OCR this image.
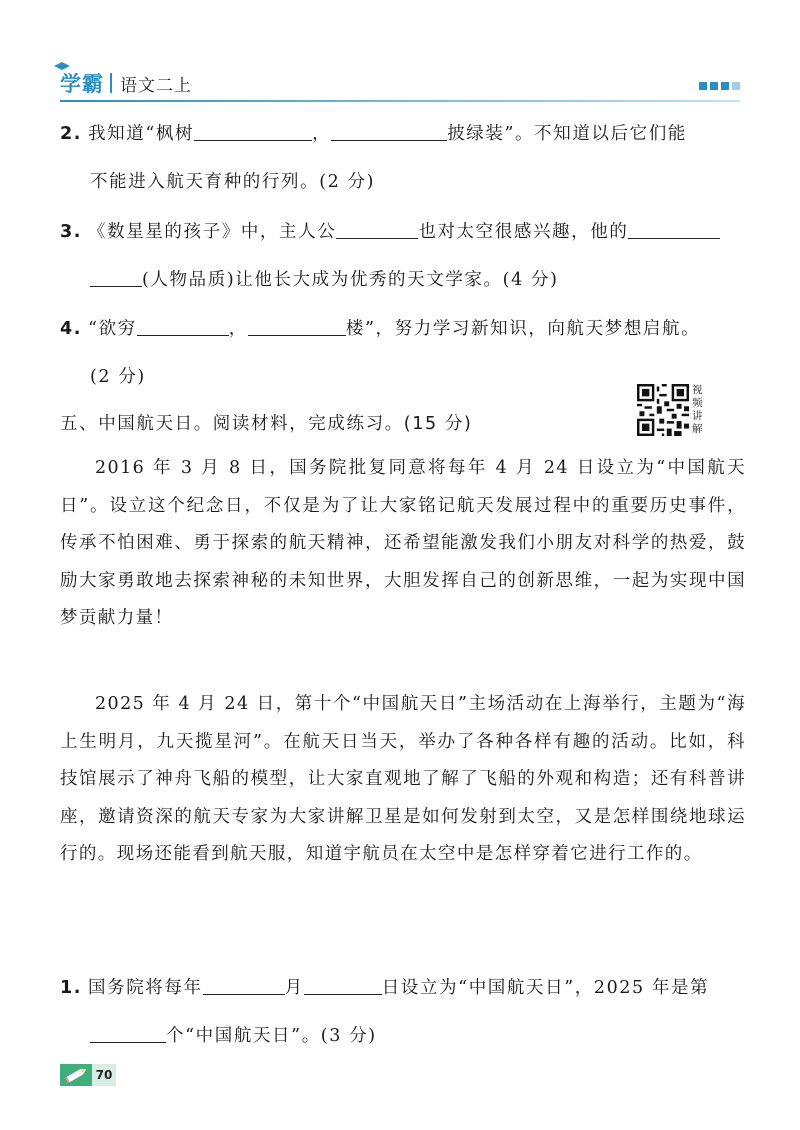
学霸 语文二上
2. 我知道“枫树	，	披绿装”。不知道以后它们能
不能进入航天育种的行列。(2 分)
3. 《数星星的孩子》中，主人公	也对太空很感兴趣，他的
(人物品质)让他长大成为优秀的天文学家。(4 分)
4. “欲穷	，	楼”，努力学习新知识，向航天梦想启航。
(2 分)
五、中国航天日。阅读材料，完成练习。(15 分)
视频讲解

2016 年 3 月 8 日，国务院批复同意将每年 4 月 24 日设立为“中国航天日”。设立这个纪念日，不仅是为了让大家铭记航天发展过程中的重要历史事件，传承不怕困难、勇于探索的航天精神，还希望能激发我们小朋友对科学的热爱，鼓励大家勇敢地去探索神秘的未知世界，大胆发挥自己的创新思维，一起为实现中国梦贡献力量！

2025 年 4 月 24 日，第十个“中国航天日”主场活动在上海举行，主题为“海上生明月，九天揽星河”。在航天日当天，举办了各种各样有趣的活动。比如，科技馆展示了神舟飞船的模型，让大家直观地了解了飞船的外观和构造；还有科普讲座，邀请资深的航天专家为大家讲解卫星是如何发射到太空，又是怎样围绕地球运行的。现场还能看到航天服，知道宇航员在太空中是怎样穿着它进行工作的。

1. 国务院将每年	月	日设立为“中国航天日”，2025 年是第
个“中国航天日”。(3 分)
70
